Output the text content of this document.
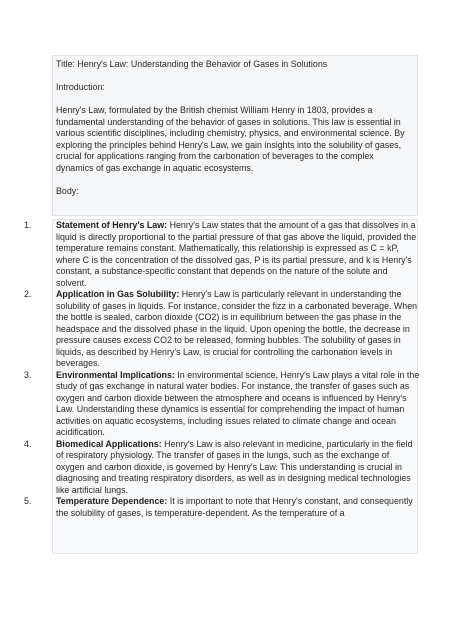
Title: Henry's Law: Understanding the Behavior of Gases in Solutions

Introduction:

Henry's Law, formulated by the British chemist William Henry in 1803, provides a fundamental understanding of the behavior of gases in solutions. This law is essential in various scientific disciplines, including chemistry, physics, and environmental science. By exploring the principles behind Henry's Law, we gain insights into the solubility of gases, crucial for applications ranging from the carbonation of beverages to the complex dynamics of gas exchange in aquatic ecosystems.

Body:

1.	Statement of Henry's Law: Henry's Law states that the amount of a gas that dissolves in a liquid is directly proportional to the partial pressure of that gas above the liquid, provided the temperature remains constant. Mathematically, this relationship is expressed as C = kP, where C is the concentration of the dissolved gas, P is its partial pressure, and k is Henry's constant, a substance-specific constant that depends on the nature of the solute and solvent.
2.	Application in Gas Solubility: Henry's Law is particularly relevant in understanding the solubility of gases in liquids. For instance, consider the fizz in a carbonated beverage. When the bottle is sealed, carbon dioxide (CO2) is in equilibrium between the gas phase in the headspace and the dissolved phase in the liquid. Upon opening the bottle, the decrease in pressure causes excess CO2 to be released, forming bubbles. The solubility of gases in liquids, as described by Henry's Law, is crucial for controlling the carbonation levels in beverages.
3.	Environmental Implications: In environmental science, Henry's Law plays a vital role in the study of gas exchange in natural water bodies. For instance, the transfer of gases such as oxygen and carbon dioxide between the atmosphere and oceans is influenced by Henry's Law. Understanding these dynamics is essential for comprehending the impact of human activities on aquatic ecosystems, including issues related to climate change and ocean acidification.
4.	Biomedical Applications: Henry's Law is also relevant in medicine, particularly in the field of respiratory physiology. The transfer of gases in the lungs, such as the exchange of oxygen and carbon dioxide, is governed by Henry's Law. This understanding is crucial in diagnosing and treating respiratory disorders, as well as in designing medical technologies like artificial lungs.
5.	Temperature Dependence: It is important to note that Henry's constant, and consequently the solubility of gases, is temperature-dependent. As the temperature of a
